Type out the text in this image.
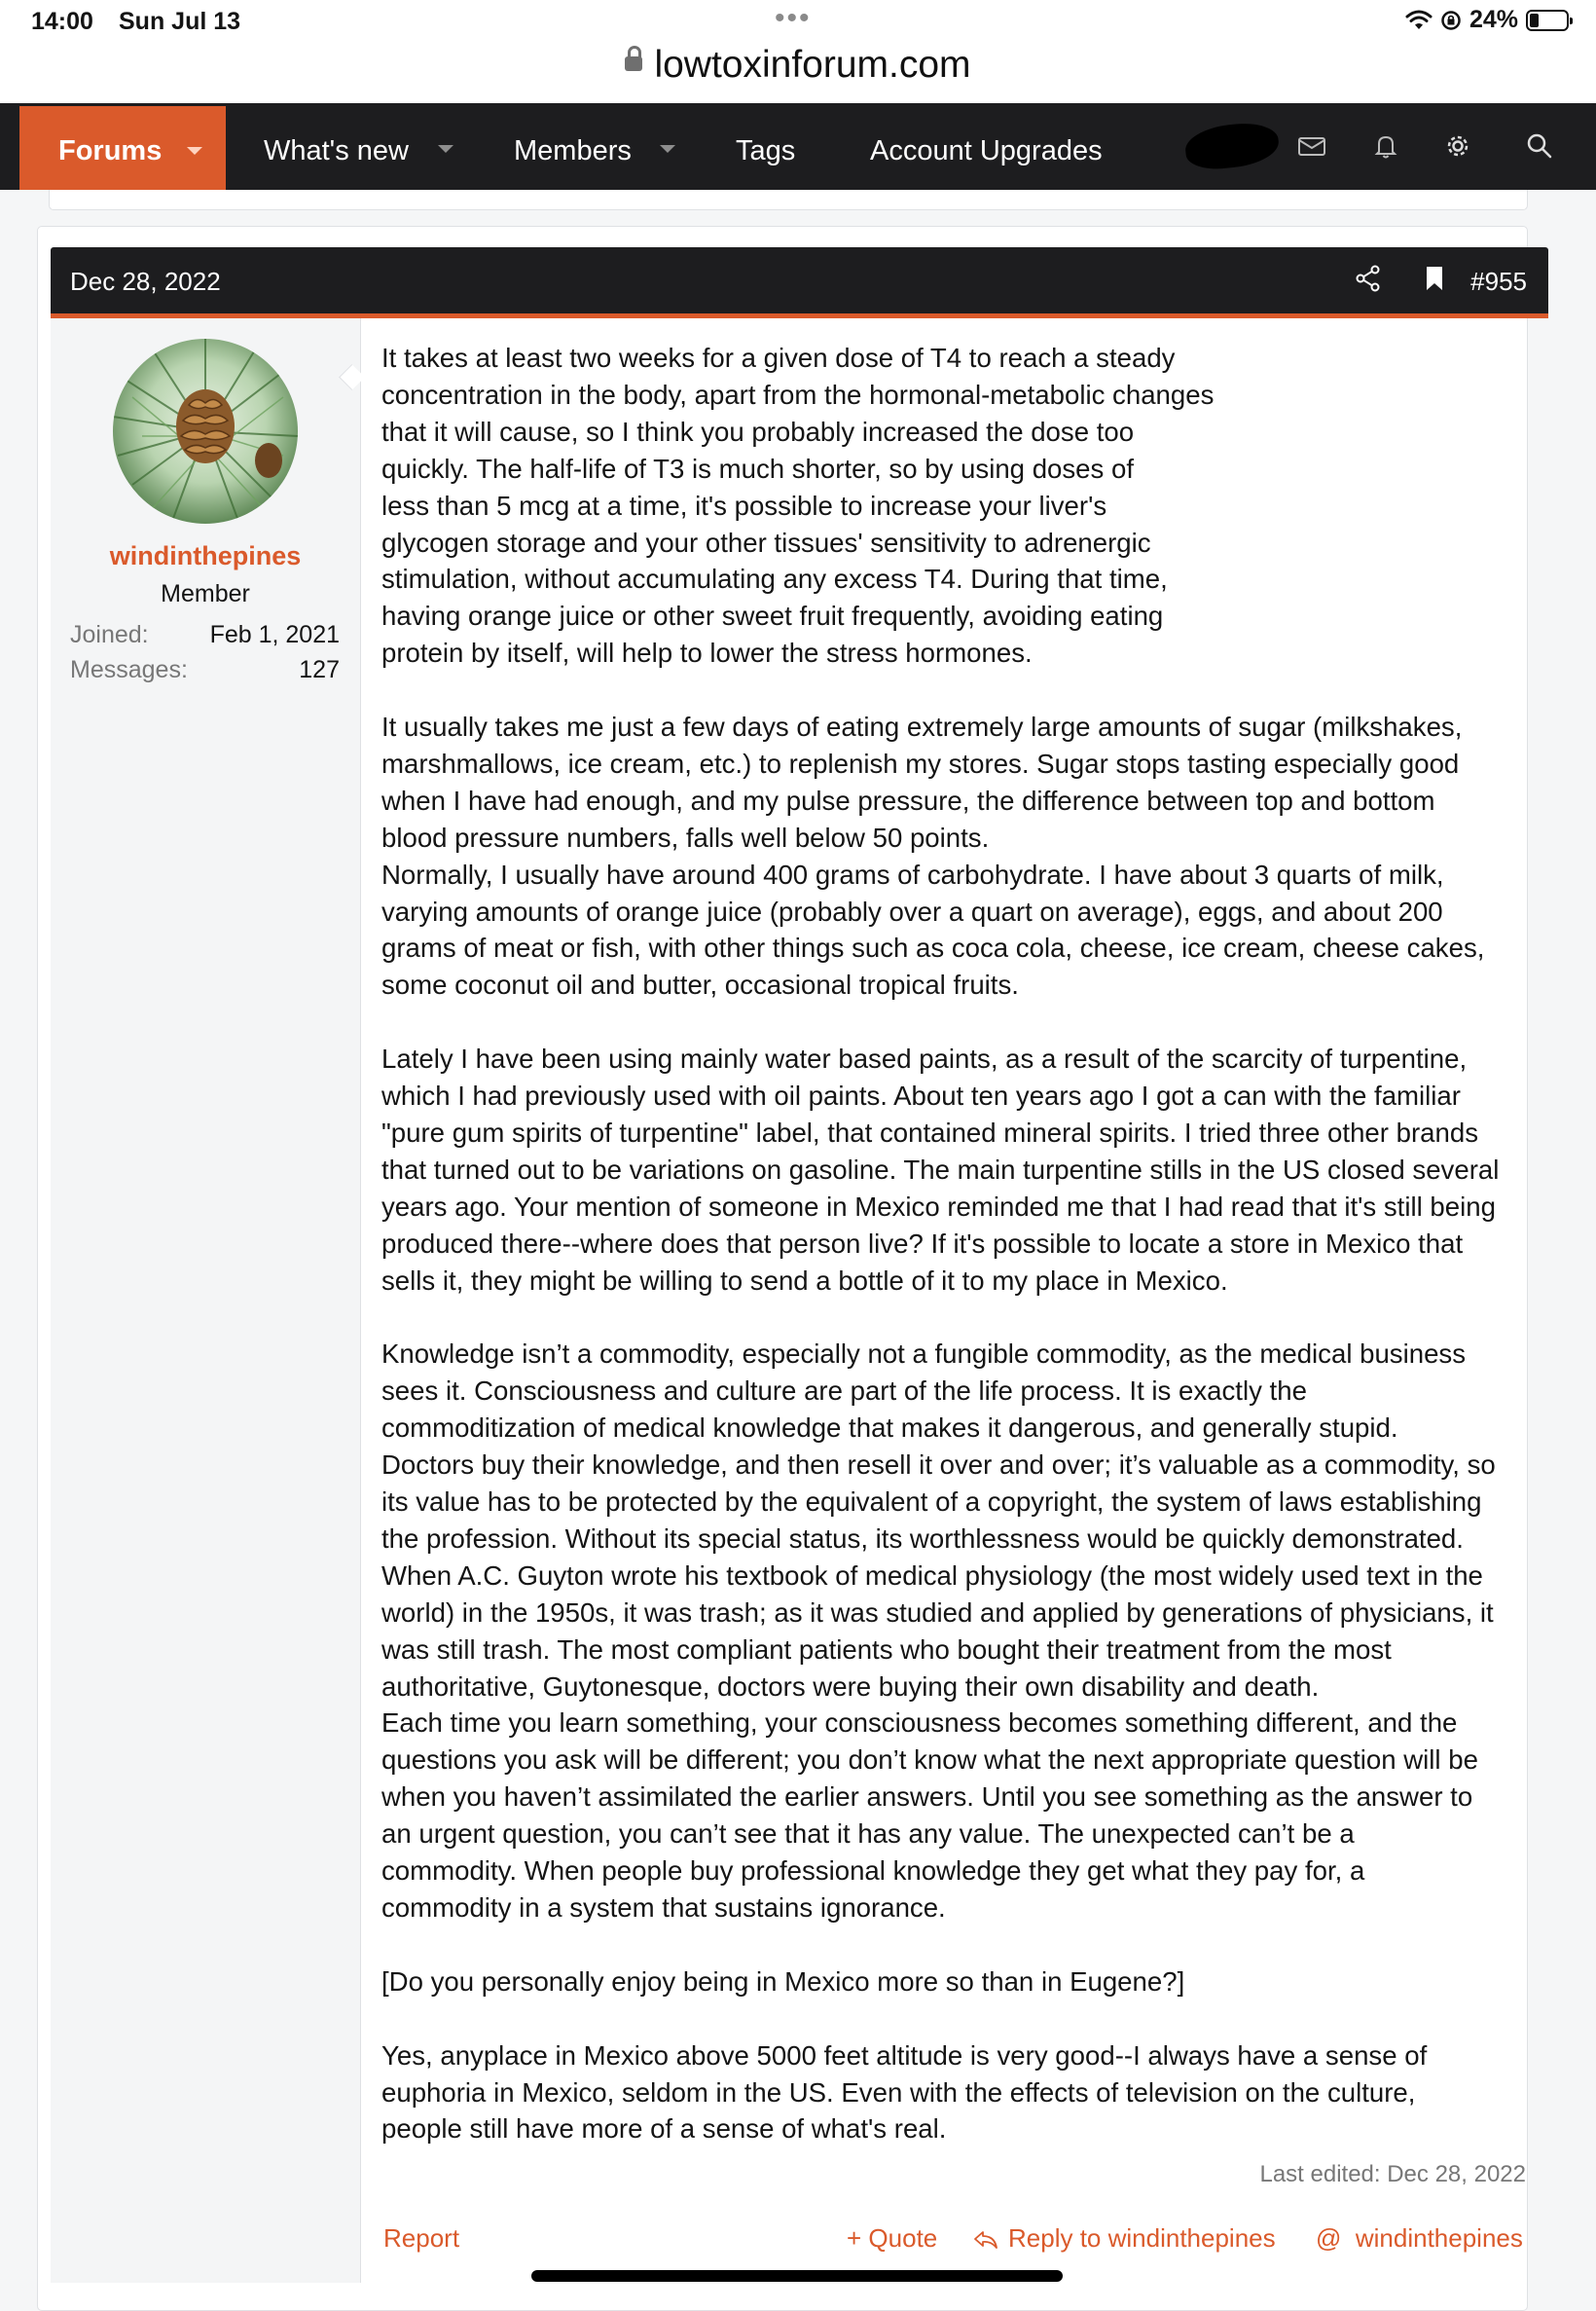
14:00 Sun Jul 13	•••	24%
lowtoxinforum.com
Forums	What's new	Members	Tags	Account Upgrades
Dec 28, 2022	#955
windinthepines
Member
Joined:	Feb 1, 2021
Messages:	127

It takes at least two weeks for a given dose of T4 to reach a steady
concentration in the body, apart from the hormonal-metabolic changes
that it will cause, so I think you probably increased the dose too
quickly. The half-life of T3 is much shorter, so by using doses of
less than 5 mcg at a time, it's possible to increase your liver's
glycogen storage and your other tissues' sensitivity to adrenergic
stimulation, without accumulating any excess T4. During that time,
having orange juice or other sweet fruit frequently, avoiding eating
protein by itself, will help to lower the stress hormones.

It usually takes me just a few days of eating extremely large amounts of sugar (milkshakes,
marshmallows, ice cream, etc.) to replenish my stores. Sugar stops tasting especially good
when I have had enough, and my pulse pressure, the difference between top and bottom
blood pressure numbers, falls well below 50 points.
Normally, I usually have around 400 grams of carbohydrate. I have about 3 quarts of milk,
varying amounts of orange juice (probably over a quart on average), eggs, and about 200
grams of meat or fish, with other things such as coca cola, cheese, ice cream, cheese cakes,
some coconut oil and butter, occasional tropical fruits.

Lately I have been using mainly water based paints, as a result of the scarcity of turpentine,
which I had previously used with oil paints. About ten years ago I got a can with the familiar
"pure gum spirits of turpentine" label, that contained mineral spirits. I tried three other brands
that turned out to be variations on gasoline. The main turpentine stills in the US closed several
years ago. Your mention of someone in Mexico reminded me that I had read that it's still being
produced there--where does that person live? If it's possible to locate a store in Mexico that
sells it, they might be willing to send a bottle of it to my place in Mexico.

Knowledge isn’t a commodity, especially not a fungible commodity, as the medical business
sees it. Consciousness and culture are part of the life process. It is exactly the
commoditization of medical knowledge that makes it dangerous, and generally stupid.
Doctors buy their knowledge, and then resell it over and over; it’s valuable as a commodity, so
its value has to be protected by the equivalent of a copyright, the system of laws establishing
the profession. Without its special status, its worthlessness would be quickly demonstrated.
When A.C. Guyton wrote his textbook of medical physiology (the most widely used text in the
world) in the 1950s, it was trash; as it was studied and applied by generations of physicians, it
was still trash. The most compliant patients who bought their treatment from the most
authoritative, Guytonesque, doctors were buying their own disability and death.
Each time you learn something, your consciousness becomes something different, and the
questions you ask will be different; you don’t know what the next appropriate question will be
when you haven’t assimilated the earlier answers. Until you see something as the answer to
an urgent question, you can’t see that it has any value. The unexpected can’t be a
commodity. When people buy professional knowledge they get what they pay for, a
commodity in a system that sustains ignorance.

[Do you personally enjoy being in Mexico more so than in Eugene?]

Yes, anyplace in Mexico above 5000 feet altitude is very good--I always have a sense of
euphoria in Mexico, seldom in the US. Even with the effects of television on the culture,
people still have more of a sense of what's real.

Last edited: Dec 28, 2022
Report	+ Quote	Reply to windinthepines @ windinthepines
